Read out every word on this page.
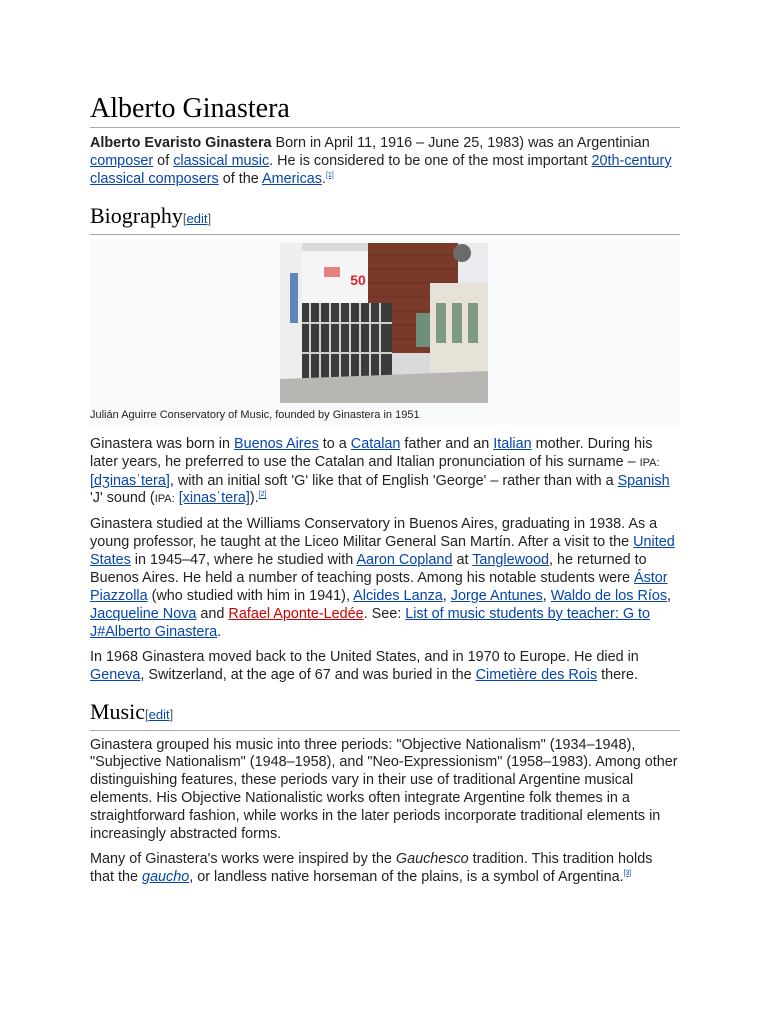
Alberto Ginastera

Alberto Evaristo Ginastera Born in April 11, 1916 – June 25, 1983) was an Argentinian composer of classical music. He is considered to be one of the most important 20th-century classical composers of the Americas.[1]

Biography[edit]
50
Julián Aguirre Conservatory of Music, founded by Ginastera in 1951

Ginastera was born in Buenos Aires to a Catalan father and an Italian mother. During his later years, he preferred to use the Catalan and Italian pronunciation of his surname – IPA: [dʒinasˈtera], with an initial soft 'G' like that of English 'George' – rather than with a Spanish 'J' sound (IPA: [xinasˈtera]).[2]

Ginastera studied at the Williams Conservatory in Buenos Aires, graduating in 1938. As a young professor, he taught at the Liceo Militar General San Martín. After a visit to the United States in 1945–47, where he studied with Aaron Copland at Tanglewood, he returned to Buenos Aires. He held a number of teaching posts. Among his notable students were Ástor Piazzolla (who studied with him in 1941), Alcides Lanza, Jorge Antunes, Waldo de los Ríos, Jacqueline Nova and Rafael Aponte-Ledée. See: List of music students by teacher: G to J#Alberto Ginastera.

In 1968 Ginastera moved back to the United States, and in 1970 to Europe. He died in Geneva, Switzerland, at the age of 67 and was buried in the Cimetière des Rois there.

Music[edit]

Ginastera grouped his music into three periods: "Objective Nationalism" (1934–1948), "Subjective Nationalism" (1948–1958), and "Neo-Expressionism" (1958–1983). Among other distinguishing features, these periods vary in their use of traditional Argentine musical elements. His Objective Nationalistic works often integrate Argentine folk themes in a straightforward fashion, while works in the later periods incorporate traditional elements in increasingly abstracted forms.

Many of Ginastera's works were inspired by the Gauchesco tradition. This tradition holds that the gaucho, or landless native horseman of the plains, is a symbol of Argentina.[3]
